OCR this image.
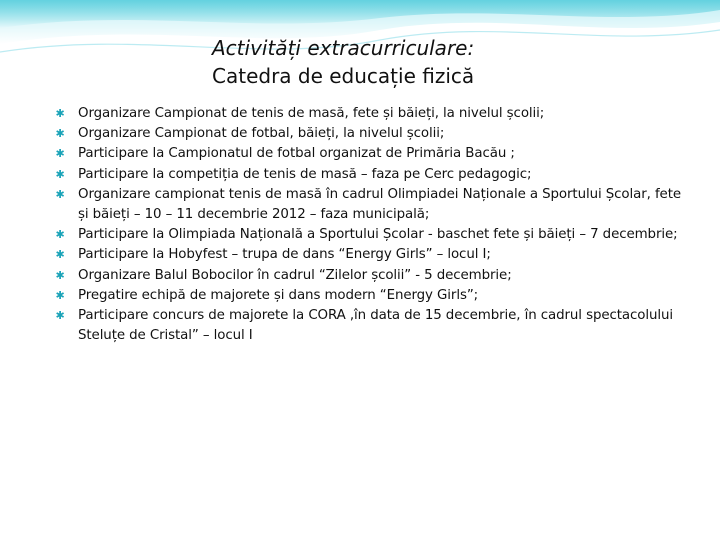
Activități extracurriculare:
Catedra de educație fizică
✱ Organizare Campionat de tenis de masă, fete și băieți, la nivelul școlii;
✱ Organizare Campionat de fotbal, băieți, la nivelul școlii;
✱ Participare la Campionatul de fotbal organizat de Primăria Bacău ;
✱ Participare la competiția de tenis de masă – faza pe Cerc pedagogic;
✱ Organizare campionat tenis de masă în cadrul Olimpiadei Naționale a Sportului Școlar, fete și băieți – 10 – 11 decembrie 2012 – faza municipală;
✱ Participare la Olimpiada Națională a Sportului Școlar - baschet fete și băieți – 7 decembrie;
✱ Participare la Hobyfest – trupa de dans “Energy Girls” – locul I;
✱ Organizare Balul Bobocilor în cadrul “Zilelor școlii” - 5 decembrie;
✱ Pregatire echipă de majorete și dans modern “Energy Girls”;
✱ Participare concurs de majorete la CORA ,în data de 15 decembrie, în cadrul spectacolului Steluțe de Cristal” – locul I
